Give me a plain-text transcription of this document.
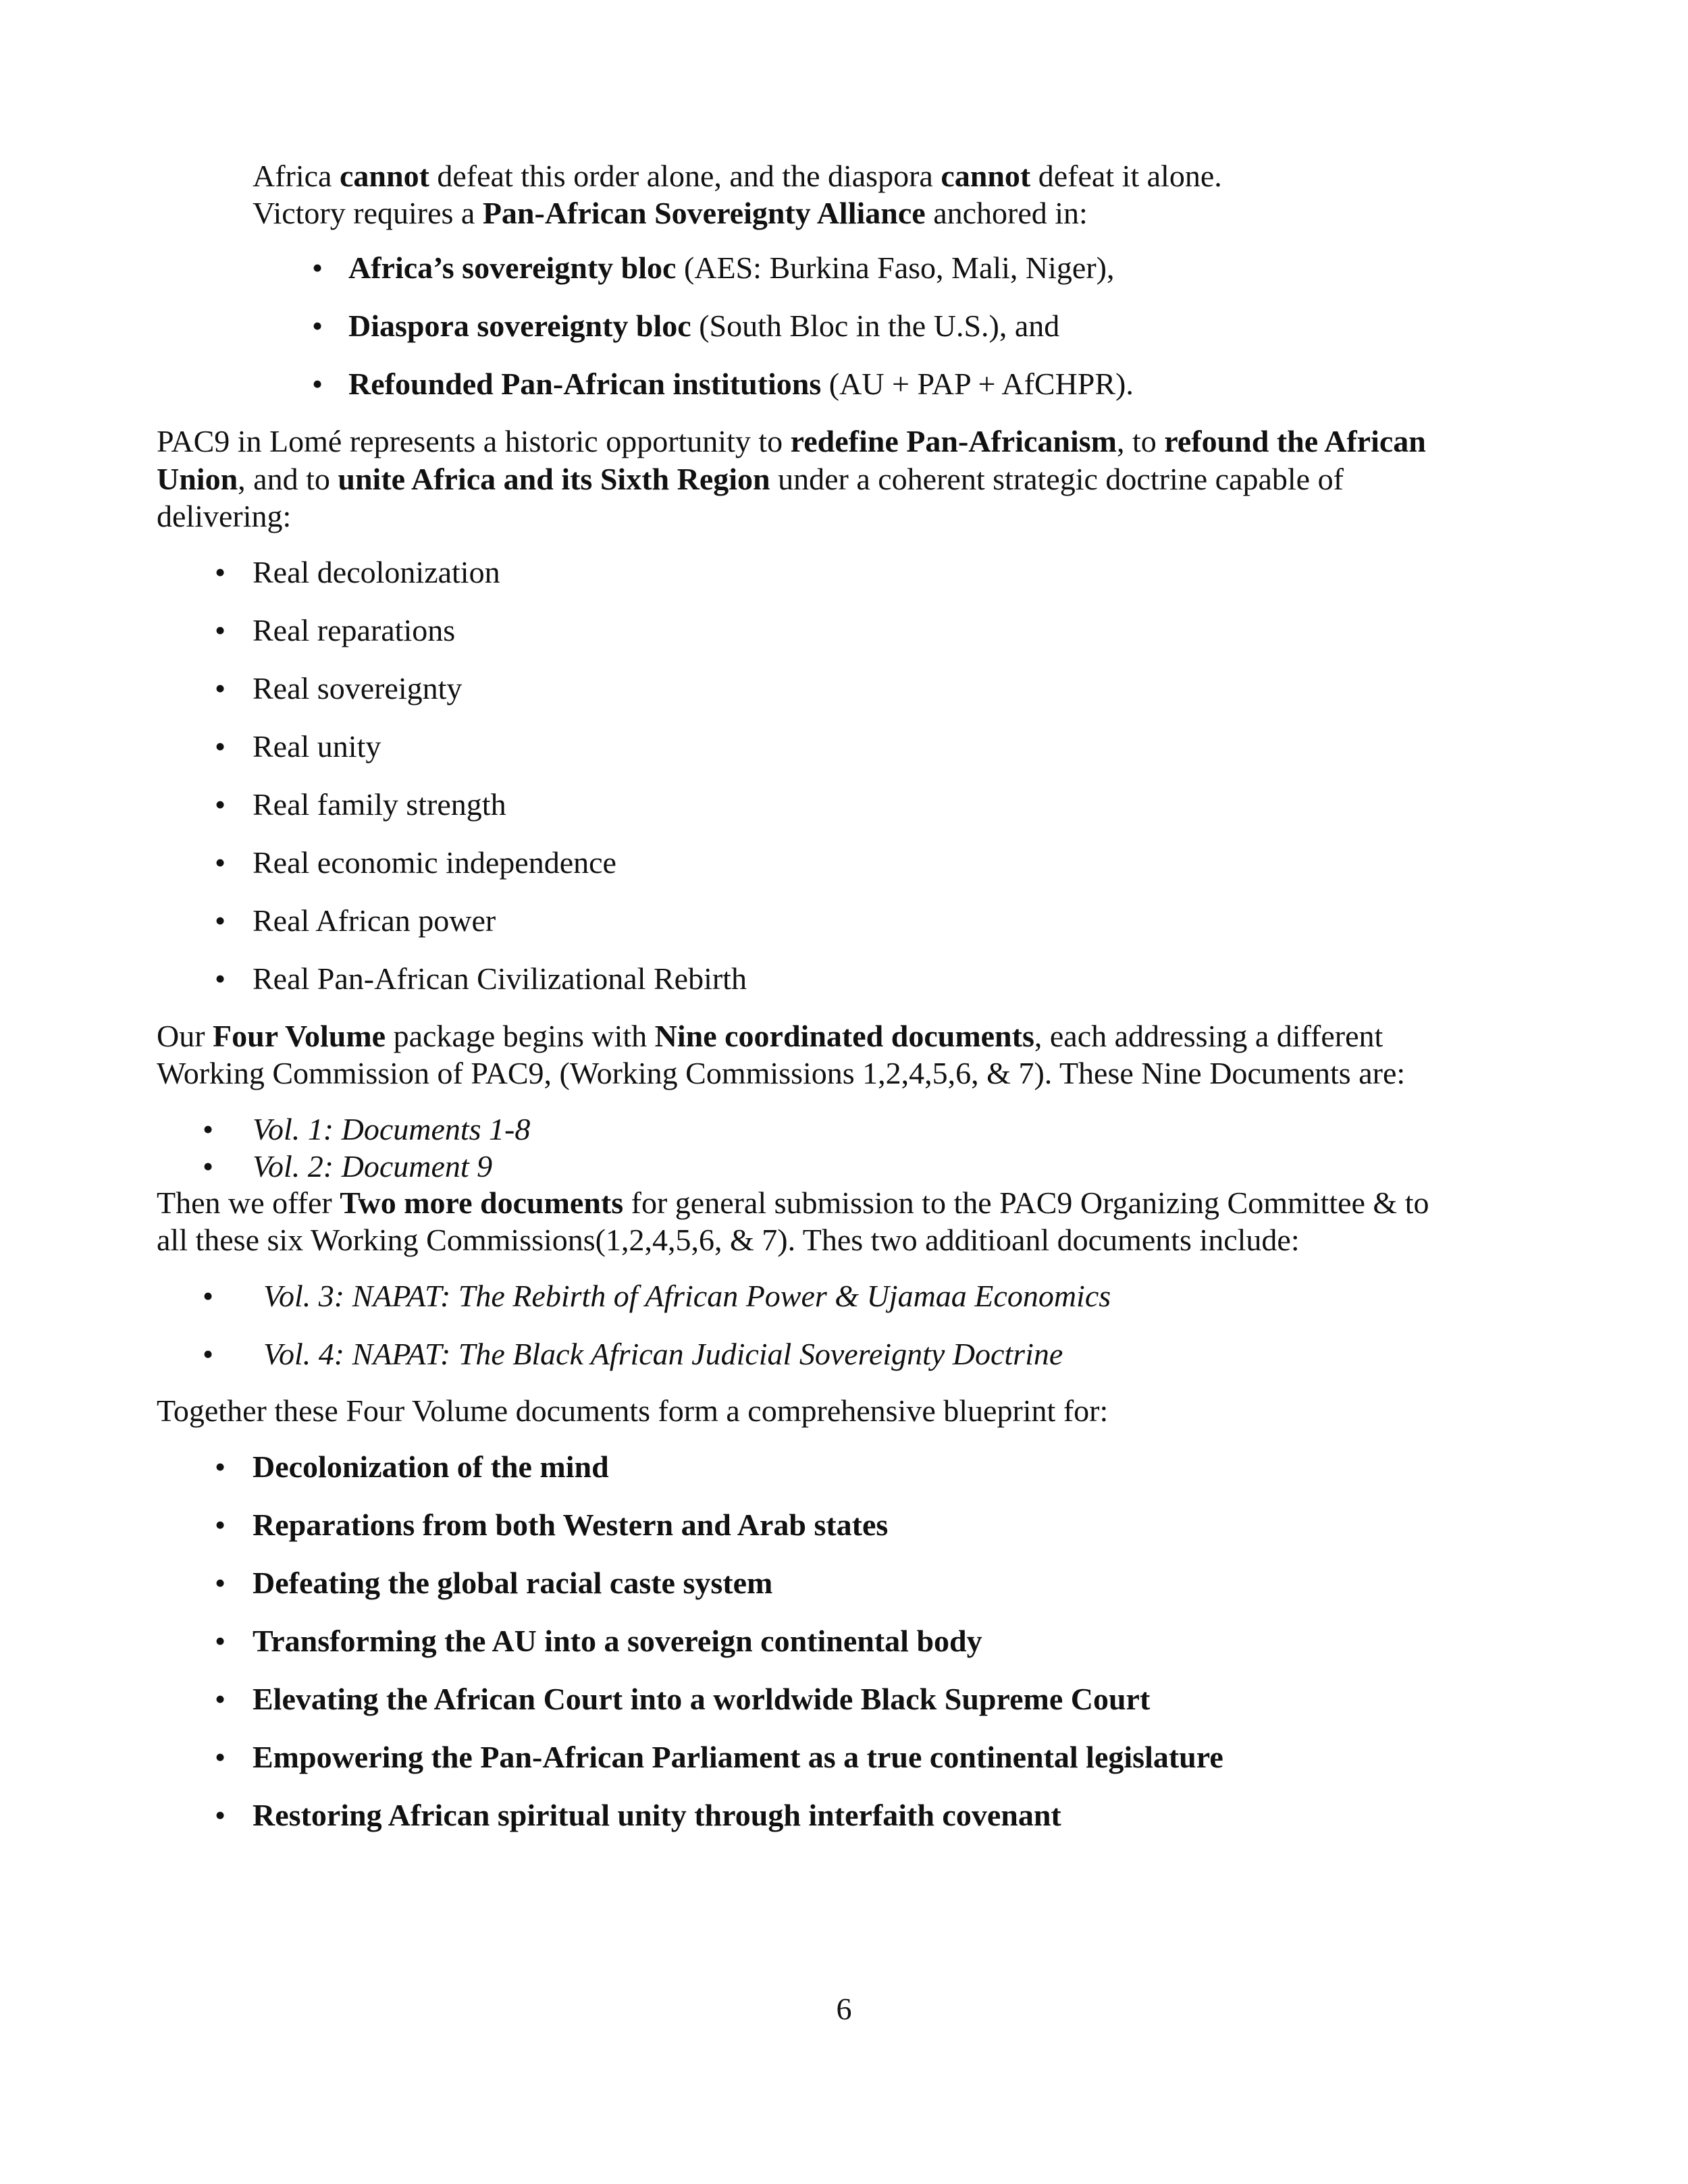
Africa cannot defeat this order alone, and the diaspora cannot defeat it alone.

Victory requires a Pan-African Sovereignty Alliance anchored in:

• Africa’s sovereignty bloc (AES: Burkina Faso, Mali, Niger),

• Diaspora sovereignty bloc (South Bloc in the U.S.), and

• Refounded Pan-African institutions (AU + PAP + AfCHPR).

PAC9 in Lomé represents a historic opportunity to redefine Pan-Africanism, to refound the African

Union, and to unite Africa and its Sixth Region under a coherent strategic doctrine capable of

delivering:

• Real decolonization

• Real reparations

• Real sovereignty

• Real unity

• Real family strength

• Real economic independence

• Real African power

• Real Pan-African Civilizational Rebirth

Our Four Volume package begins with Nine coordinated documents, each addressing a different

Working Commission of PAC9, (Working Commissions 1,2,4,5,6, & 7). These Nine Documents are:

• Vol. 1: Documents 1-8

• Vol. 2: Document 9

Then we offer Two more documents for general submission to the PAC9 Organizing Committee & to

all these six Working Commissions(1,2,4,5,6, & 7). Thes two additioanl documents include:

• Vol. 3: NAPAT: The Rebirth of African Power & Ujamaa Economics

• Vol. 4: NAPAT: The Black African Judicial Sovereignty Doctrine

Together these Four Volume documents form a comprehensive blueprint for:

• Decolonization of the mind

• Reparations from both Western and Arab states

• Defeating the global racial caste system

• Transforming the AU into a sovereign continental body

• Elevating the African Court into a worldwide Black Supreme Court

• Empowering the Pan-African Parliament as a true continental legislature

• Restoring African spiritual unity through interfaith covenant

6
